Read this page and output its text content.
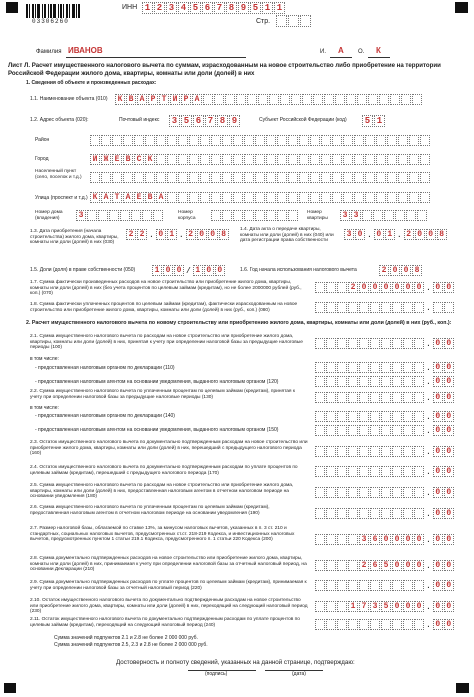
03306260
ИНН 1 2 3 4 5 6 7 8 9 5 1 1
Стр.
Фамилия ИВАНОВ	И. А О. К
Лист Л. Расчет имущественного налогового вычета по суммам, израсходованным на новое строительство либо приобретение на территории Российской Федерации жилого дома, квартиры, комнаты или доли (долей) в них
1. Сведения об объекте и произведенных расходах:
1.1. Наименование объекта (010)	К В А Р Т И Р А
1.2. Адрес объекта (020):	Почтовый индекс	3 5 6 7 8 9	Субъект Российской Федерации (код)	5 1
Район
Город	И Ж Е В С К
Населенный пункт (село, поселок и т.д.)
Улица (проспект и т.д.) К А Т А Е В А
Номер дома (владения)	3	Номер корпуса
Номер квартиры	3 3
1.3. Дата приобретения (начала строительства) жилого дома, квартиры, комнаты или доли (долей) в них (030)
2 2 . 0 1 . 2 0 0 8
1.4. Дата акта о передаче квартиры, комнаты или доли (долей) в них (040) или дата регистрации права собственности
3 0 . 0 1 . 2 0 0 8
1.5. Доли (доля) в праве собственности (050)	1 0 0 / 1 0 0	1.6. Год начала использования налогового вычета	2 0 0 8
1.7. Сумма фактически произведенных расходов на новое строительство или приобретение жилого дома, квартиры, комнаты или доли (долей) в них (без учета процентов по целевым займам (кредитам), но не более 2000000 рублей (руб., коп.) (070)
2 0 0 0 0 0 0 . 0 0
1.8. Сумма фактически уплаченных процентов по целевым займам (кредитам), фактически израсходованным на новое строительство или приобретение жилого дома, квартиры, комнаты или доли (долей) в них (руб., коп.) (080)	.
2. Расчет имущественного налогового вычета по новому строительству или приобретению жилого дома, квартиры, комнаты или доли (долей) в них (руб., коп.):
2.1. Сумма имущественного налогового вычета по расходам на новое строительство или приобретение жилого дома, квартиры, комнаты или доли (долей) в них, принятая к учету при определении налоговой базы за предыдущие налоговые периоды (100)	. 0 0
в том числе:
- предоставленная налоговым органом по декларации (110)	. 0 0
- предоставленная налоговым агентом на основании уведомления, выданного налоговым органом (120)	. 0 0
2.2. Сумма имущественного налогового вычета по уплаченным процентам по целевым займам (кредитам), принятая к учету при определении налоговой базы за предыдущие налоговые периоды (130)	. 0 0
в том числе:
- предоставленная налоговым органом по декларации (140)	. 0 0
- предоставленная налоговым агентом на основании уведомления, выданного налоговым органом (150)	. 0 0
2.3. Остаток имущественного налогового вычета по документально подтвержденным расходам на новое строительство или приобретение жилого дома, квартиры, комнаты или доли (долей) в них, перешедший с предыдущего налогового периода (160)	. 0 0
2.4. Остаток имущественного налогового вычета по документально подтвержденным расходам по уплате процентов по целевым займам (кредитам), перешедший с предыдущего налогового периода (170)	. 0 0
2.5. Сумма имущественного налогового вычета по расходам на новое строительство или приобретение жилого дома, квартиры, комнаты или доли (долей) в них, предоставленная налоговым агентом в отчетном налоговом периоде на основании уведомления (180)	. 0 0
2.6. Сумма имущественного налогового вычета по уплаченным процентам по целевым займам (кредитам), предоставленная налоговым агентом в отчетном налоговом периоде на основании уведомления (190)	. 0 0
2.7. Размер налоговой базы, облагаемой по ставке 13%, за минусом налоговых вычетов, указанных в п. 3 ст. 210 и стандартных, социальных налоговых вычетов, предусмотренных ст.ст. 218-219 Кодекса, и инвестиционных налоговых вычетов, предусмотренных пунктом 1 статьи 219.1 Кодекса, предусмотренного п. 1 статьи 220 Кодекса (200)	3 6 0 0 0 0 . 0 0
2.8. Сумма документально подтвержденных расходов на новое строительство или приобретение жилого дома, квартиры, комнаты или доли (долей) в них, принимаемая к учету при определении налоговой базы за отчетный налоговый период, на основании Декларации (210)	2 6 5 0 0 0 . 0 0
2.9. Сумма документально подтвержденных расходов по уплате процентов по целевым займам (кредитам), принимаемая к учету при определении налоговой базы за отчетный налоговый период (220)	. 0 0
2.10. Остаток имущественного налогового вычета по документально подтвержденным расходам на новое строительство или приобретение жилого дома, квартиры, комнаты или доли (долей) в них, переходящий на следующий налоговый период (230)
1 7 3 5 0 0 0 . 0 0
2.11. Остаток имущественного налогового вычета по документально подтвержденным расходам по уплате процентов по целевым займам (кредитам), переходящий на следующий налоговый период (240)	. 0 0
Сумма значений подпунктов 2.1 и 2.8 не более 2 000 000 руб.
Сумма значений подпунктов 2.5, 2.3 и 2.8 не более 2 000 000 руб.
Достоверность и полноту сведений, указанных на данной странице, подтверждаю:
(подпись)	(дата)
